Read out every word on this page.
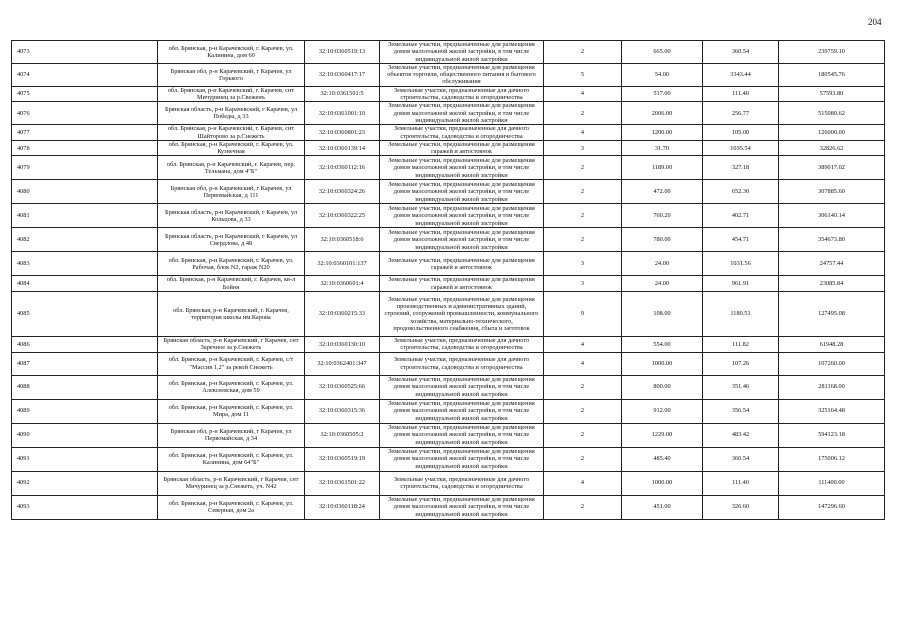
204
4073	обл. Брянская, р-н Карачевский, г. Карачев, ул. Калинина, дом 60	32:10:0360519:13	Земельные участки, предназначенные для размещения домов малоэтажной жилой застройки, в том числе индивидуальной жилой застройки	2	665.00	360.54	239759.10
4074	Брянская обл, р-н Карачевский, г Карачев, ул Горького	32:10:0360417:17	Земельные участки, предназначенные для размещения объектов торговли, общественного питания и бытового обслуживания	5	54.00	3343.44	180545.76
4075	обл. Брянская, р-н Карачевский, г. Карачев, снт Мичуринец за р.Свеженъ	32:10:0361501:5	Земельные участки, предназначенные для дачного строительства, садоводства и огородничества	4	517.00	111.40	57593.80
4076	Брянская область, р-н Карачевский, г Карачев, ул Победы, д 33	32:10:0361001:10	Земельные участки, предназначенные для размещения домов малоэтажной жилой застройки, в том числе индивидуальной жилой застройки	2	2006.00	256.77	515080.62
4077	обл. Брянская, р-н Карачевский, г. Карачев, снт Шайторово за р.Снежеть	32:10:0360801:23	Земельные участки, предназначенные для дачного строительства, садоводства и огородничества	4	1200.00	105.00	126000.00
4078	обл. Брянская, р-н Карачевский, г. Карачев, ул. Кузнечная	32:10:0360139:14	Земельные участки, предназначенные для размещения гаражей и автостоянок	3	31.70	1035.54	32826.62
4079	обл. Брянская, р-н Карачевский, г. Карачев, пер. Тельмана, дом 4"Б"	32:10:0360112:16	Земельные участки, предназначенные для размещения домов малоэтажной жилой застройки, в том числе индивидуальной жилой застройки	2	1189.00	327.18	389017.02
4080	Брянская обл, р-н Карачевский, г Карачев, ул Первомайская, д 111	32:10:0360324:26	Земельные участки, предназначенные для размещения домов малоэтажной жилой застройки, в том числе индивидуальной жилой застройки	2	472.00	652.30	307885.60
4081	Брянская область, р-н Карачевский, г Карачев, ул Кольцова, д 33	32:10:0360322:25	Земельные участки, предназначенные для размещения домов малоэтажной жилой застройки, в том числе индивидуальной жилой застройки	2	760.20	402.71	306140.14
4082	Брянская область, р-н Карачевский, г Карачев, ул Свердлова, д 48	32:10:0360518:6	Земельные участки, предназначенные для размещения домов малоэтажной жилой застройки, в том числе индивидуальной жилой застройки	2	780.00	454.71	354673.80
4083	обл. Брянская, р-н Карачевский, г. Карачев, ул. Рабочая, блок N2, гараж N20	32:10:0360101:137	Земельные участки, предназначенные для размещения гаражей и автостоянок	3	24.00	1031.56	24757.44
4084	обл. Брянская, р-н Карачевский, г. Карачев, кв-л Бойня	32:10:0360601:4	Земельные участки, предназначенные для размещения гаражей и автостоянок	3	24.00	961.91	23085.84
4085	обл. Брянская, р-н Карачевский, г. Карачев, территория школы им.Карова	32:10:0360215:33	Земельные участки, предназначенные для размещения производственных и административных зданий, строений, сооружений промышленности, коммунального хозяйства, материально-технического, продовольственного снабжения, сбыта и заготовок	9	108.00	1180.51	127495.08
4086	Брянская область, р-н Карачевский, г Карачев, снт Заречное за р.Снежеть	32:10:0360130:10	Земельные участки, предназначенные для дачного строительства, садоводства и огородничества	4	554.00	111.82	61948.28
4087	обл. Брянская, р-н Карачевский, г. Карачев, с/т "Массив 1,2" за рекой Снежеть	32:10:0362401:347	Земельные участки, предназначенные для дачного строительства, садоводства и огородничества	4	1000.00	107.26	107260.00
4088	обл. Брянская, р-н Карачевский, г. Карачев, ул. Алексеевская, дом 59	32:10:0360525:66	Земельные участки, предназначенные для размещения домов малоэтажной жилой застройки, в том числе индивидуальной жилой застройки	2	800.00	351.46	281168.00
4089	обл. Брянская, р-н Карачевский, г. Карачев, ул. Мира, дом 11	32:10:0360315:36	Земельные участки, предназначенные для размещения домов малоэтажной жилой застройки, в том числе индивидуальной жилой застройки	2	912.00	356.54	325164.48
4090	Брянская обл, р-н Карачевский, г Карачев, ул Первомайская, д 34	32:10:0360505:2	Земельные участки, предназначенные для размещения домов малоэтажной жилой застройки, в том числе индивидуальной жилой застройки	2	1229.00	483.42	594123.18
4091	обл. Брянская, р-н Карачевский, г. Карачев, ул. Калинина, дом 64"Б"	32:10:0360519:19	Земельные участки, предназначенные для размещения домов малоэтажной жилой застройки, в том числе индивидуальной жилой застройки	2	485.40	360.54	175006.12
4092	Брянская область, р-н Карачевский, г Карачев, снт Мичуринец за р.Снежеть, уч. N42	32:10:0361501:22	Земельные участки, предназначенные для дачного строительства, садоводства и огородничества	4	1000.00	111.40	111400.00
4093	обл. Брянская, р-н Карачевский, г. Карачев, ул. Северная, дом 2а	32:10:0360118:24	Земельные участки, предназначенные для размещения домов малоэтажной жилой застройки, в том числе индивидуальной жилой застройки	2	451.00	326.60	147296.60
